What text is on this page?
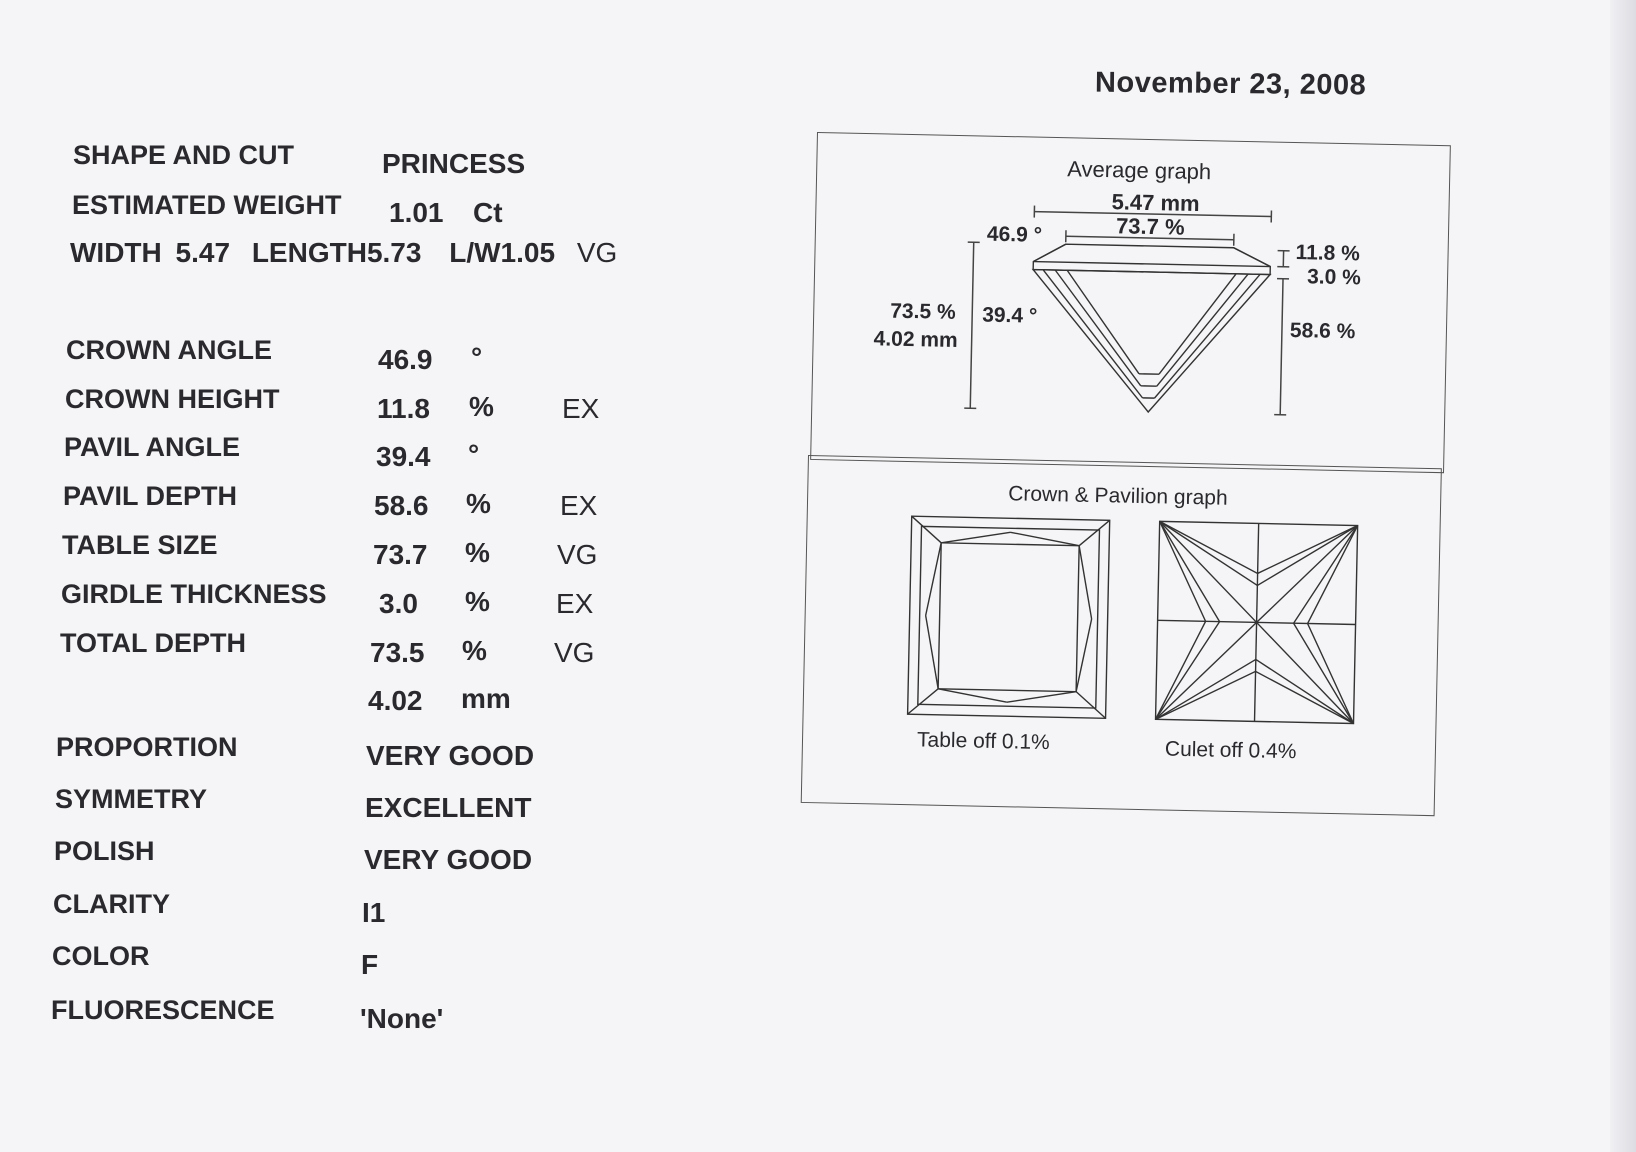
November 23, 2008
SHAPE AND CUT	PRINCESS
ESTIMATED WEIGHT 1.01 Ct
WIDTH 5.47 LENGTH5.73 L/W1.05 VG
CROWN ANGLE	46.9 °
CROWN HEIGHT	11.8 % EX
PAVIL ANGLE	39.4 °
PAVIL DEPTH	58.6 % EX
TABLE SIZE	73.7 % VG
GIRDLE THICKNESS 3.0 % EX
TOTAL DEPTH	73.5 % VG
4.02 mm
PROPORTION	VERY GOOD
SYMMETRY	EXCELLENT
POLISH	VERY GOOD
CLARITY	I1
COLOR	F
FLUORESCENCE	'None'
Average graph
5.47 mm
73.7 %
46.9 °
11.8 %
3.0 %
73.5 %
4.02 mm
39.4 °
58.6 %
Crown & Pavilion graph
Table off 0.1%	Culet off 0.4%
